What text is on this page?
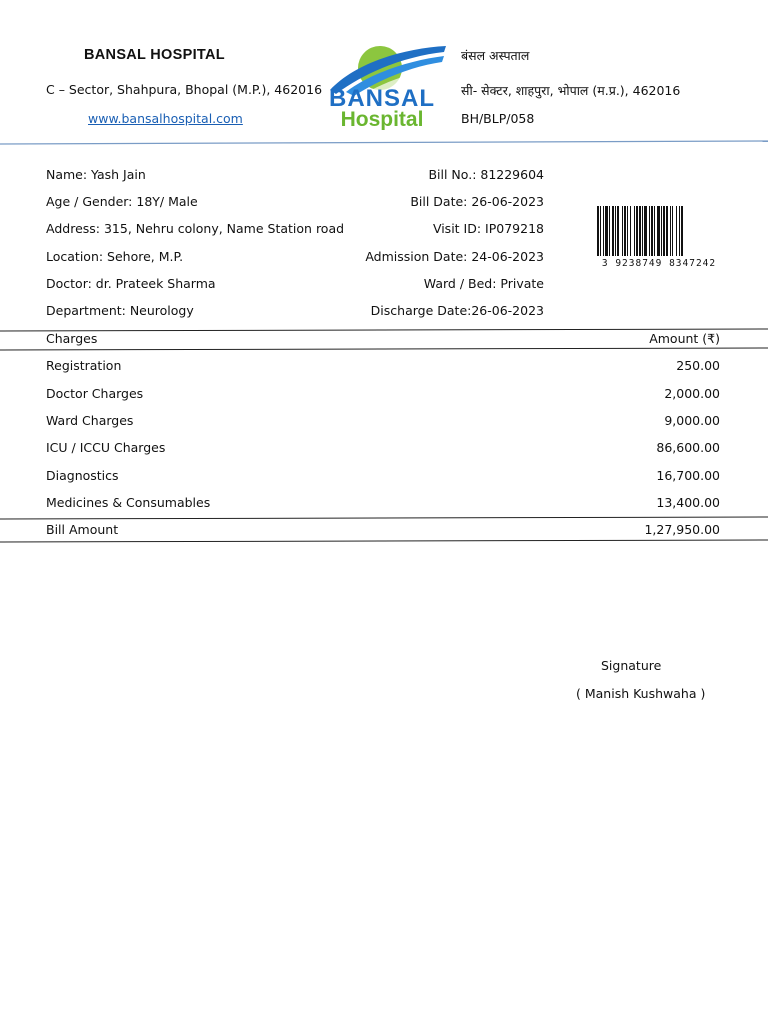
BANSAL HOSPITAL
C – Sector, Shahpura, Bhopal (M.P.), 462016
www.bansalhospital.com
BANSAL
Hospital
बंसल अस्पताल
सी- सेक्टर, शाहपुरा, भोपाल (म.प्र.), 462016
BH/BLP/058
Name: Yash Jain
Age / Gender: 18Y/ Male
Address: 315, Nehru colony, Name Station road
Location: Sehore, M.P.
Doctor: dr. Prateek Sharma
Department: Neurology
Bill No.: 81229604
Bill Date: 26-06-2023
Visit ID: IP079218
Admission Date: 24-06-2023
Ward / Bed: Private
Discharge Date:26-06-2023
3 9238749 8347242
Charges	Amount (₹)
Registration	250.00
Doctor Charges	2,000.00
Ward Charges	9,000.00
ICU / ICCU Charges	86,600.00
Diagnostics	16,700.00
Medicines & Consumables	13,400.00
Bill Amount	1,27,950.00
Signature
( Manish Kushwaha )
